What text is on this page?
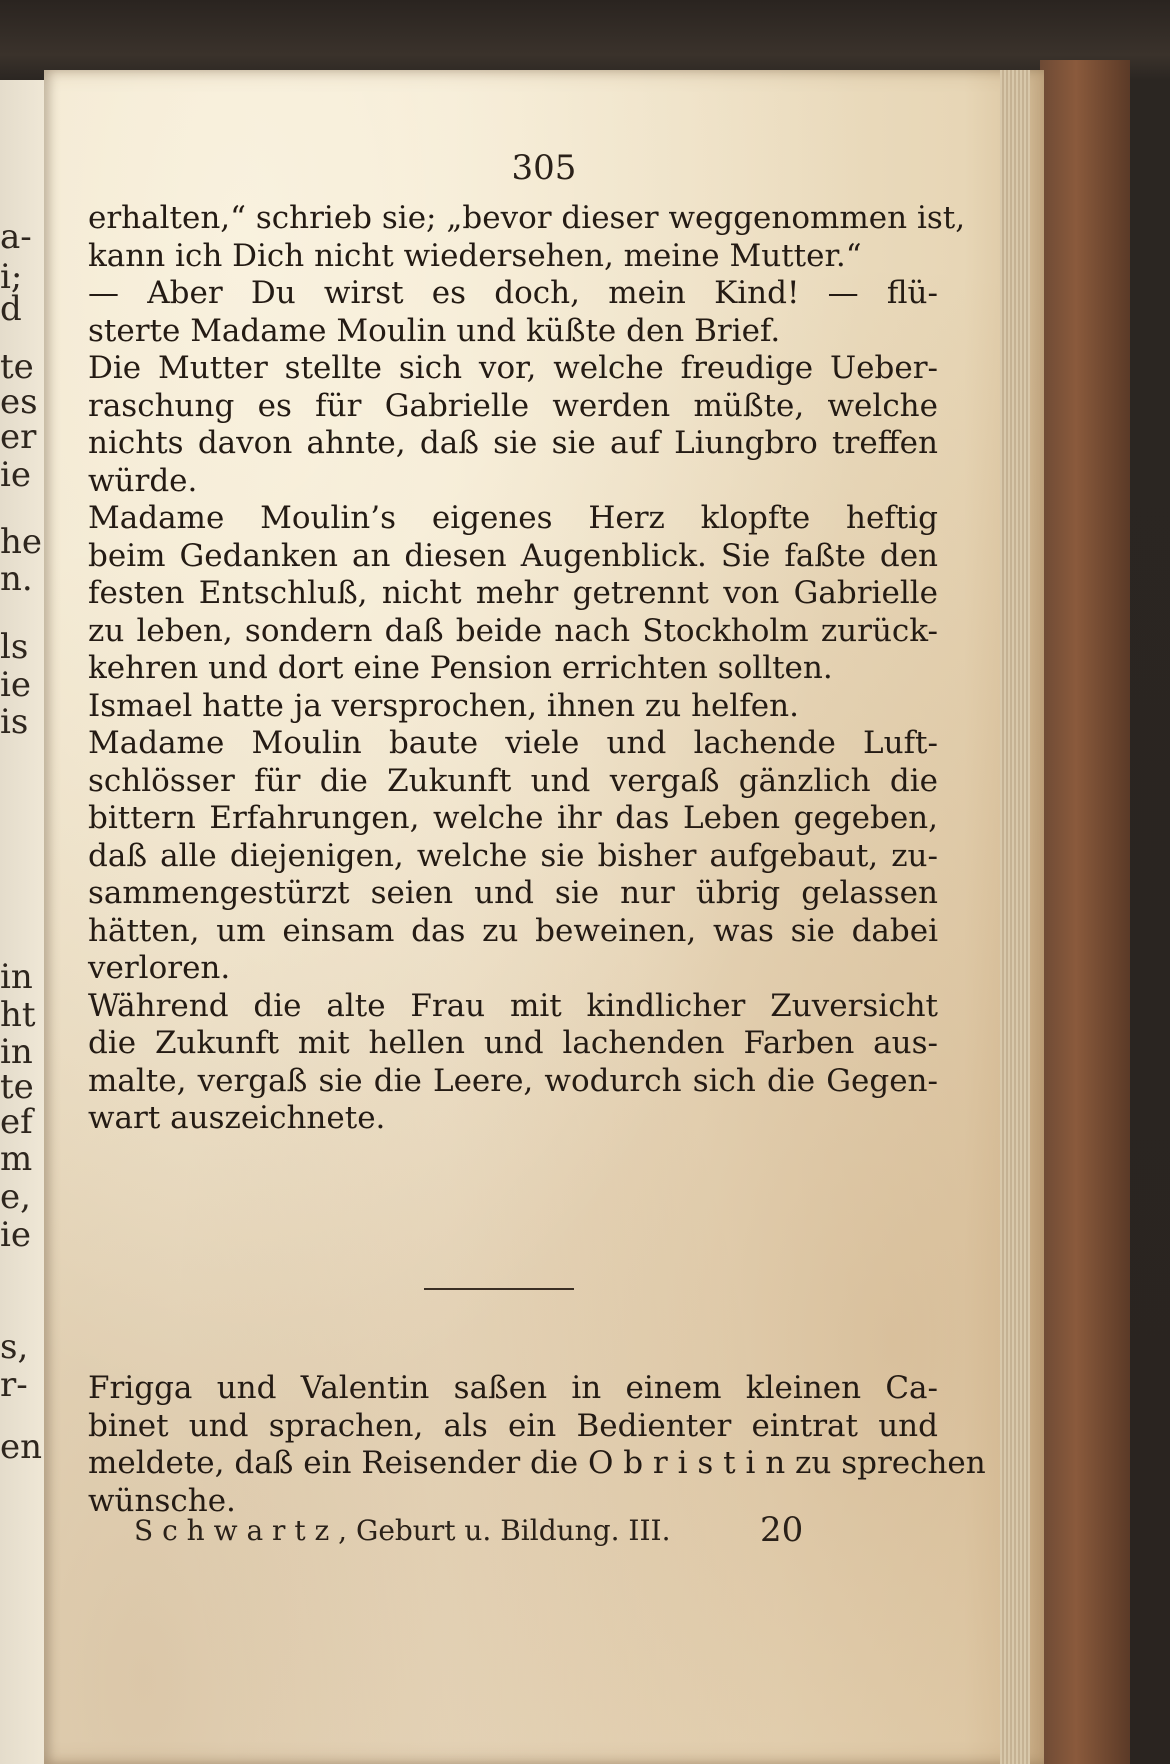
a-
i;
d
te
es
er
ie
he
n.
ls
ie
is
in
ht
in
te
ef
m
e,
ie
s,
r-
en
305
erhalten,“ schrieb sie; „bevor dieser weggenommen ist,
kann ich Dich nicht wiedersehen, meine Mutter.“
— Aber Du wirst es doch, mein Kind! — flü-
sterte Madame Moulin und küßte den Brief.
Die Mutter stellte sich vor, welche freudige Ueber-
raschung es für Gabrielle werden müßte, welche
nichts davon ahnte, daß sie sie auf Liungbro treffen
würde.
Madame Moulin’s eigenes Herz klopfte heftig
beim Gedanken an diesen Augenblick. Sie faßte den
festen Entschluß, nicht mehr getrennt von Gabrielle
zu leben, sondern daß beide nach Stockholm zurück-
kehren und dort eine Pension errichten sollten.
Ismael hatte ja versprochen, ihnen zu helfen.
Madame Moulin baute viele und lachende Luft-
schlösser für die Zukunft und vergaß gänzlich die
bittern Erfahrungen, welche ihr das Leben gegeben,
daß alle diejenigen, welche sie bisher aufgebaut, zu-
sammengestürzt seien und sie nur übrig gelassen
hätten, um einsam das zu beweinen, was sie dabei
verloren.
Während die alte Frau mit kindlicher Zuversicht
die Zukunft mit hellen und lachenden Farben aus-
malte, vergaß sie die Leere, wodurch sich die Gegen-
wart auszeichnete.
Frigga und Valentin saßen in einem kleinen Ca-
binet und sprachen, als ein Bedienter eintrat und
meldete, daß ein Reisender die O b r i s t i n zu sprechen
wünsche.
S c h w a r t z , Geburt u. Bildung. III.	20
